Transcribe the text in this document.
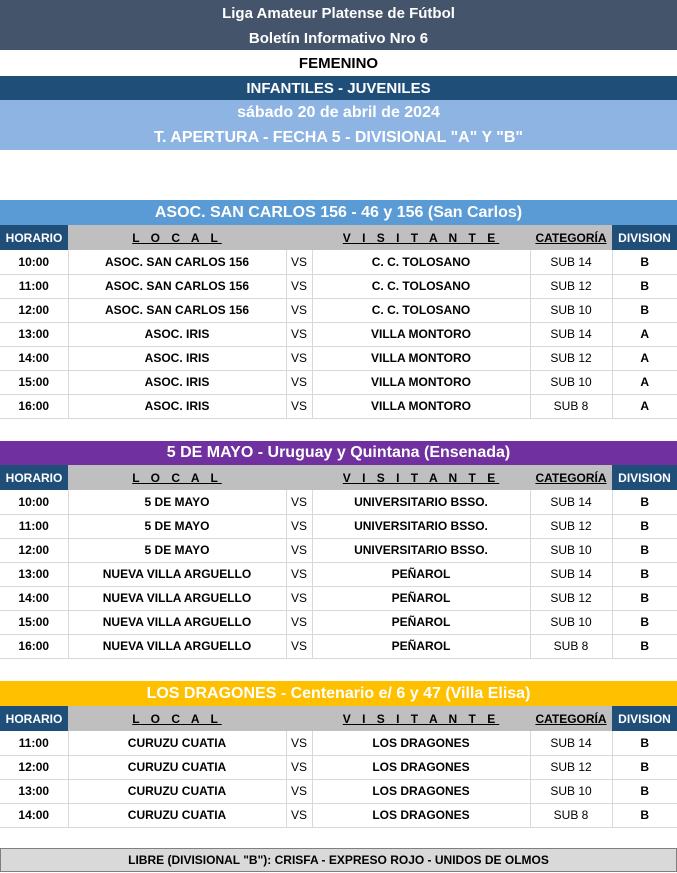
Liga Amateur Platense de Fútbol
Boletín Informativo Nro 6
FEMENINO
INFANTILES - JUVENILES
sábado 20 de abril de 2024
T. APERTURA - FECHA 5 - DIVISIONAL "A" Y "B"
ASOC. SAN CARLOS 156 - 46 y 156 (San Carlos)
HORARIO	L O C A L		V I S I T A N T E	CATEGORÍA	DIVISION
10:00	ASOC. SAN CARLOS 156	VS	C. C. TOLOSANO	SUB 14	B
11:00	ASOC. SAN CARLOS 156	VS	C. C. TOLOSANO	SUB 12	B
12:00	ASOC. SAN CARLOS 156	VS	C. C. TOLOSANO	SUB 10	B
13:00	ASOC. IRIS	VS	VILLA MONTORO	SUB 14	A
14:00	ASOC. IRIS	VS	VILLA MONTORO	SUB 12	A
15:00	ASOC. IRIS	VS	VILLA MONTORO	SUB 10	A
16:00	ASOC. IRIS	VS	VILLA MONTORO	SUB 8	A
5 DE MAYO - Uruguay y Quintana (Ensenada)
HORARIO	L O C A L		V I S I T A N T E	CATEGORÍA	DIVISION
10:00	5 DE MAYO	VS	UNIVERSITARIO BSSO.	SUB 14	B
11:00	5 DE MAYO	VS	UNIVERSITARIO BSSO.	SUB 12	B
12:00	5 DE MAYO	VS	UNIVERSITARIO BSSO.	SUB 10	B
13:00	NUEVA VILLA ARGUELLO	VS	PEÑAROL	SUB 14	B
14:00	NUEVA VILLA ARGUELLO	VS	PEÑAROL	SUB 12	B
15:00	NUEVA VILLA ARGUELLO	VS	PEÑAROL	SUB 10	B
16:00	NUEVA VILLA ARGUELLO	VS	PEÑAROL	SUB 8	B
LOS DRAGONES - Centenario e/ 6 y 47 (Villa Elisa)
HORARIO	L O C A L		V I S I T A N T E	CATEGORÍA	DIVISION
11:00	CURUZU CUATIA	VS	LOS DRAGONES	SUB 14	B
12:00	CURUZU CUATIA	VS	LOS DRAGONES	SUB 12	B
13:00	CURUZU CUATIA	VS	LOS DRAGONES	SUB 10	B
14:00	CURUZU CUATIA	VS	LOS DRAGONES	SUB 8	B
LIBRE (DIVISIONAL "B"): CRISFA - EXPRESO ROJO - UNIDOS DE OLMOS
